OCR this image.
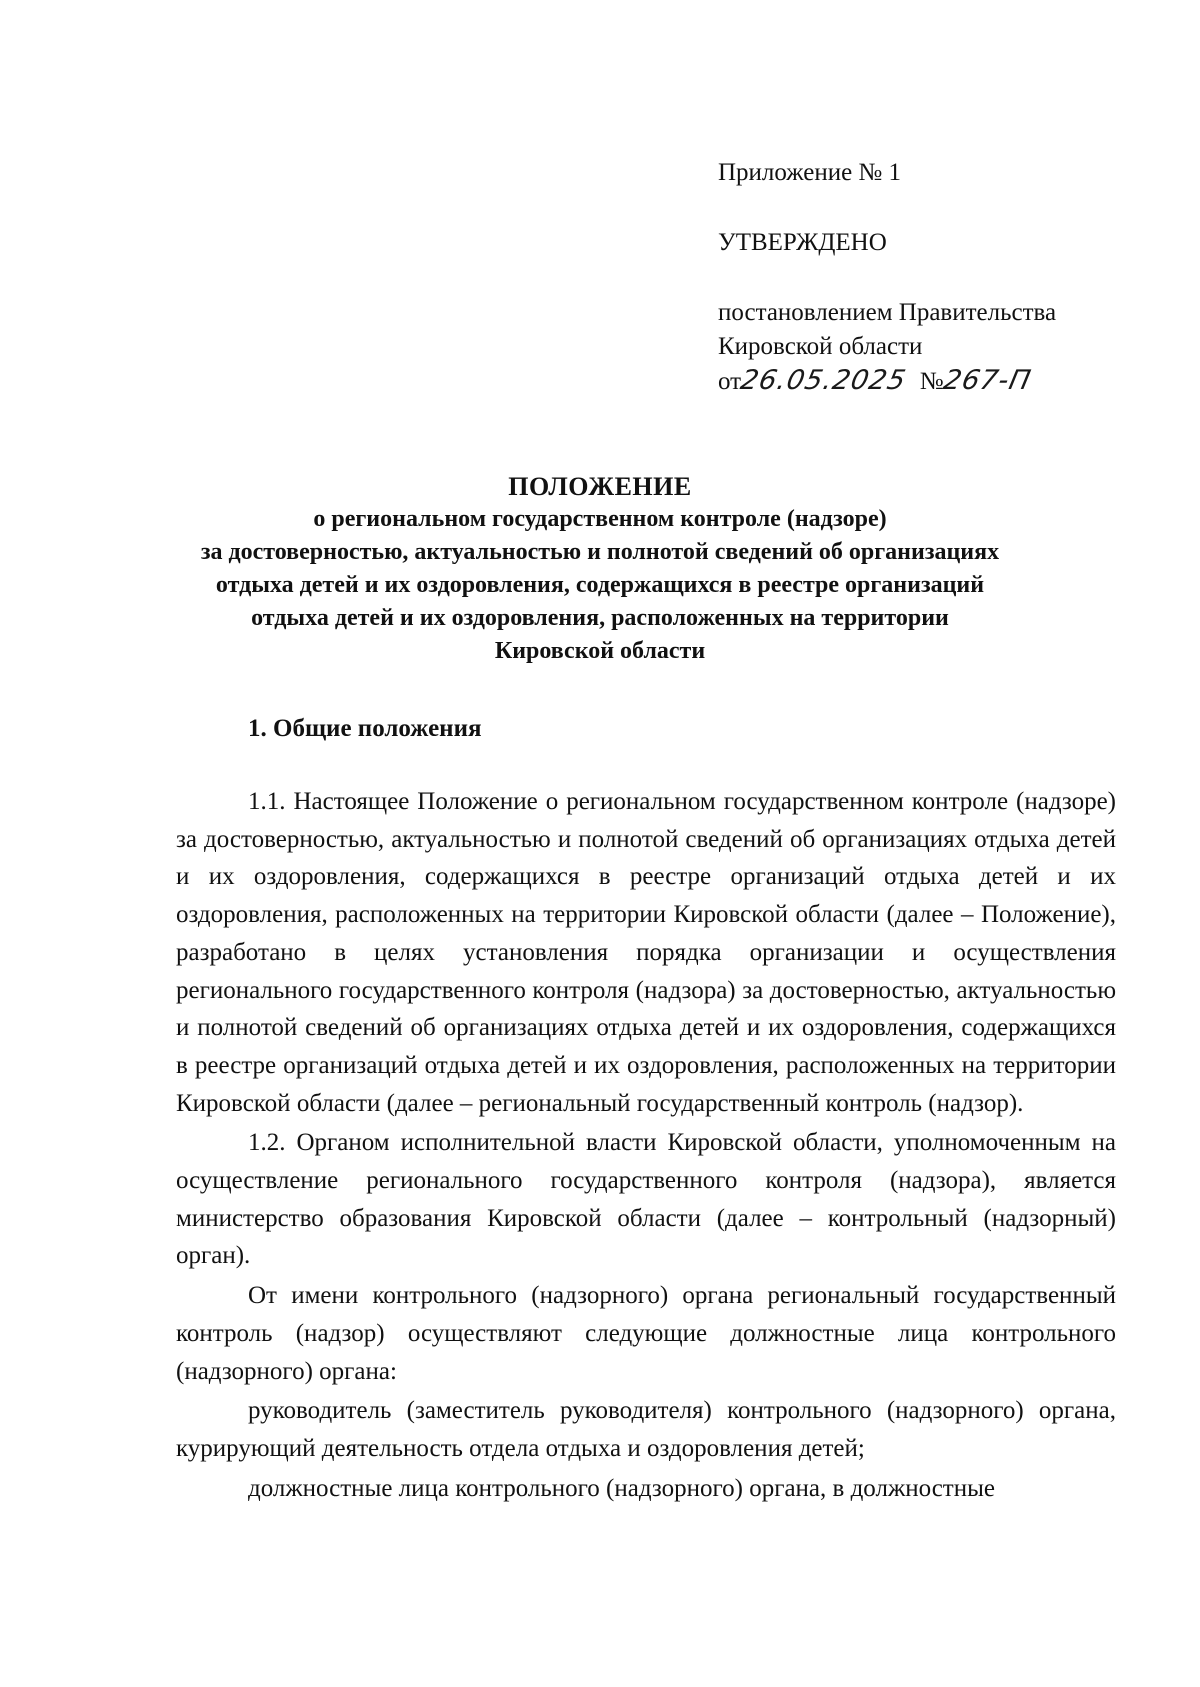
Приложение № 1
УТВЕРЖДЕНО
постановлением Правительства
Кировской области
от26.05.2025 №267-П
ПОЛОЖЕНИЕ
о региональном государственном контроле (надзоре)
за достоверностью, актуальностью и полнотой сведений об организациях
отдыха детей и их оздоровления, содержащихся в реестре организаций
отдыха детей и их оздоровления, расположенных на территории
Кировской области
1. Общие положения

1.1. Настоящее Положение о региональном государственном контроле (надзоре) за достоверностью, актуальностью и полнотой сведений об организациях отдыха детей и их оздоровления, содержащихся в реестре организаций отдыха детей и их оздоровления, расположенных на территории Кировской области (далее – Положение), разработано в целях установления порядка организации и осуществления регионального государственного контроля (надзора) за достоверностью, актуальностью и полнотой сведений об организациях отдыха детей и их оздоровления, содержащихся в реестре организаций отдыха детей и их оздоровления, расположенных на территории Кировской области (далее – региональный государственный контроль (надзор).

1.2. Органом исполнительной власти Кировской области, уполномоченным на осуществление регионального государственного контроля (надзора), является министерство образования Кировской области (далее – контрольный (надзорный) орган).

От имени контрольного (надзорного) органа региональный государственный контроль (надзор) осуществляют следующие должностные лица контрольного (надзорного) органа:

руководитель (заместитель руководителя) контрольного (надзорного) органа, курирующий деятельность отдела отдыха и оздоровления детей;

должностные лица контрольного (надзорного) органа, в должностные
